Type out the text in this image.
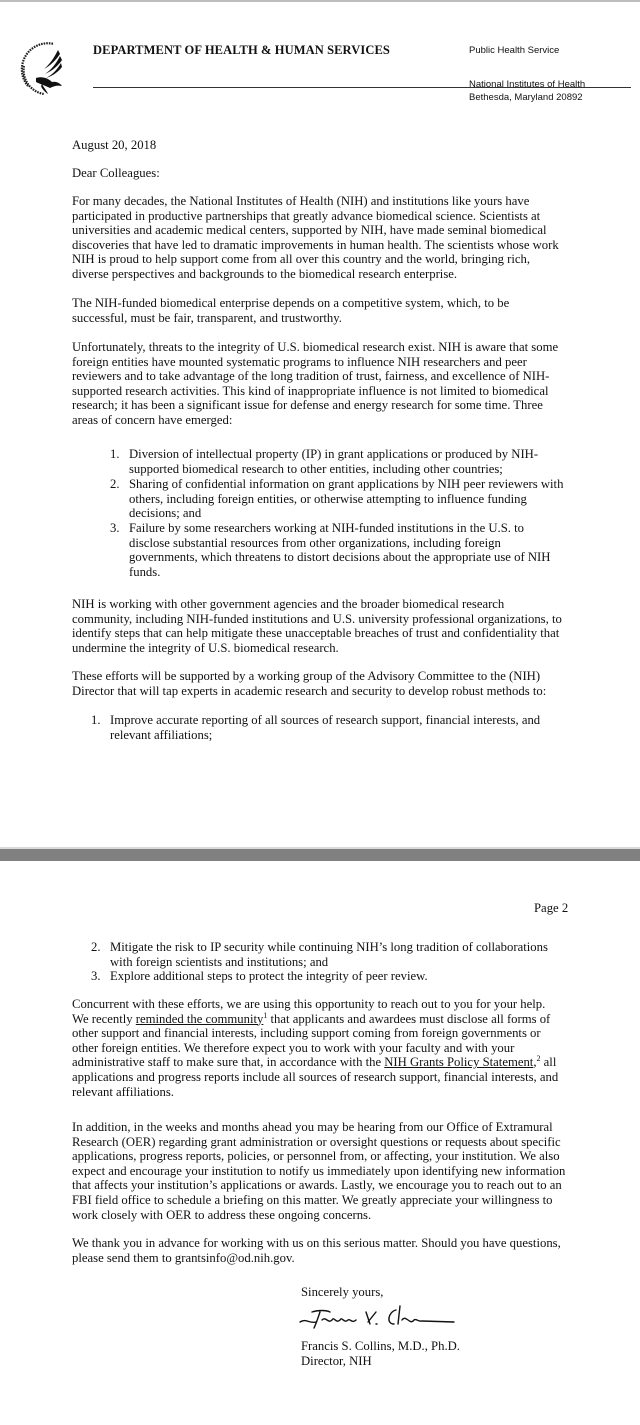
DEPARTMENT OF HEALTH & HUMAN SERVICES	Public Health Service
National Institutes of Health
Bethesda, Maryland 20892
August 20, 2018
Dear Colleagues:
For many decades, the National Institutes of Health (NIH) and institutions like yours have
participated in productive partnerships that greatly advance biomedical science. Scientists at
universities and academic medical centers, supported by NIH, have made seminal biomedical
discoveries that have led to dramatic improvements in human health. The scientists whose work
NIH is proud to help support come from all over this country and the world, bringing rich,
diverse perspectives and backgrounds to the biomedical research enterprise.
The NIH-funded biomedical enterprise depends on a competitive system, which, to be
successful, must be fair, transparent, and trustworthy.
Unfortunately, threats to the integrity of U.S. biomedical research exist. NIH is aware that some
foreign entities have mounted systematic programs to influence NIH researchers and peer
reviewers and to take advantage of the long tradition of trust, fairness, and excellence of NIH-
supported research activities. This kind of inappropriate influence is not limited to biomedical
research; it has been a significant issue for defense and energy research for some time. Three
areas of concern have emerged:
1. Diversion of intellectual property (IP) in grant applications or produced by NIH-
supported biomedical research to other entities, including other countries;
2. Sharing of confidential information on grant applications by NIH peer reviewers with
others, including foreign entities, or otherwise attempting to influence funding
decisions; and
3. Failure by some researchers working at NIH-funded institutions in the U.S. to
disclose substantial resources from other organizations, including foreign
governments, which threatens to distort decisions about the appropriate use of NIH
funds.
NIH is working with other government agencies and the broader biomedical research
community, including NIH-funded institutions and U.S. university professional organizations, to
identify steps that can help mitigate these unacceptable breaches of trust and confidentiality that
undermine the integrity of U.S. biomedical research.
These efforts will be supported by a working group of the Advisory Committee to the (NIH)
Director that will tap experts in academic research and security to develop robust methods to:
1. Improve accurate reporting of all sources of research support, financial interests, and
relevant affiliations;
Page 2
2. Mitigate the risk to IP security while continuing NIH’s long tradition of collaborations
with foreign scientists and institutions; and
3. Explore additional steps to protect the integrity of peer review.
Concurrent with these efforts, we are using this opportunity to reach out to you for your help.
We recently reminded the community$^1$ that applicants and awardees must disclose all forms of
other support and financial interests, including support coming from foreign governments or
other foreign entities. We therefore expect you to work with your faculty and with your
administrative staff to make sure that, in accordance with the NIH Grants Policy Statement,$^2$ all
applications and progress reports include all sources of research support, financial interests, and
relevant affiliations.
In addition, in the weeks and months ahead you may be hearing from our Office of Extramural
Research (OER) regarding grant administration or oversight questions or requests about specific
applications, progress reports, policies, or personnel from, or affecting, your institution. We also
expect and encourage your institution to notify us immediately upon identifying new information
that affects your institution’s applications or awards. Lastly, we encourage you to reach out to an
FBI field office to schedule a briefing on this matter. We greatly appreciate your willingness to
work closely with OER to address these ongoing concerns.
We thank you in advance for working with us on this serious matter. Should you have questions,
please send them to grantsinfo@od.nih.gov.
Sincerely yours,
Francis S. Collins, M.D., Ph.D.
Director, NIH
